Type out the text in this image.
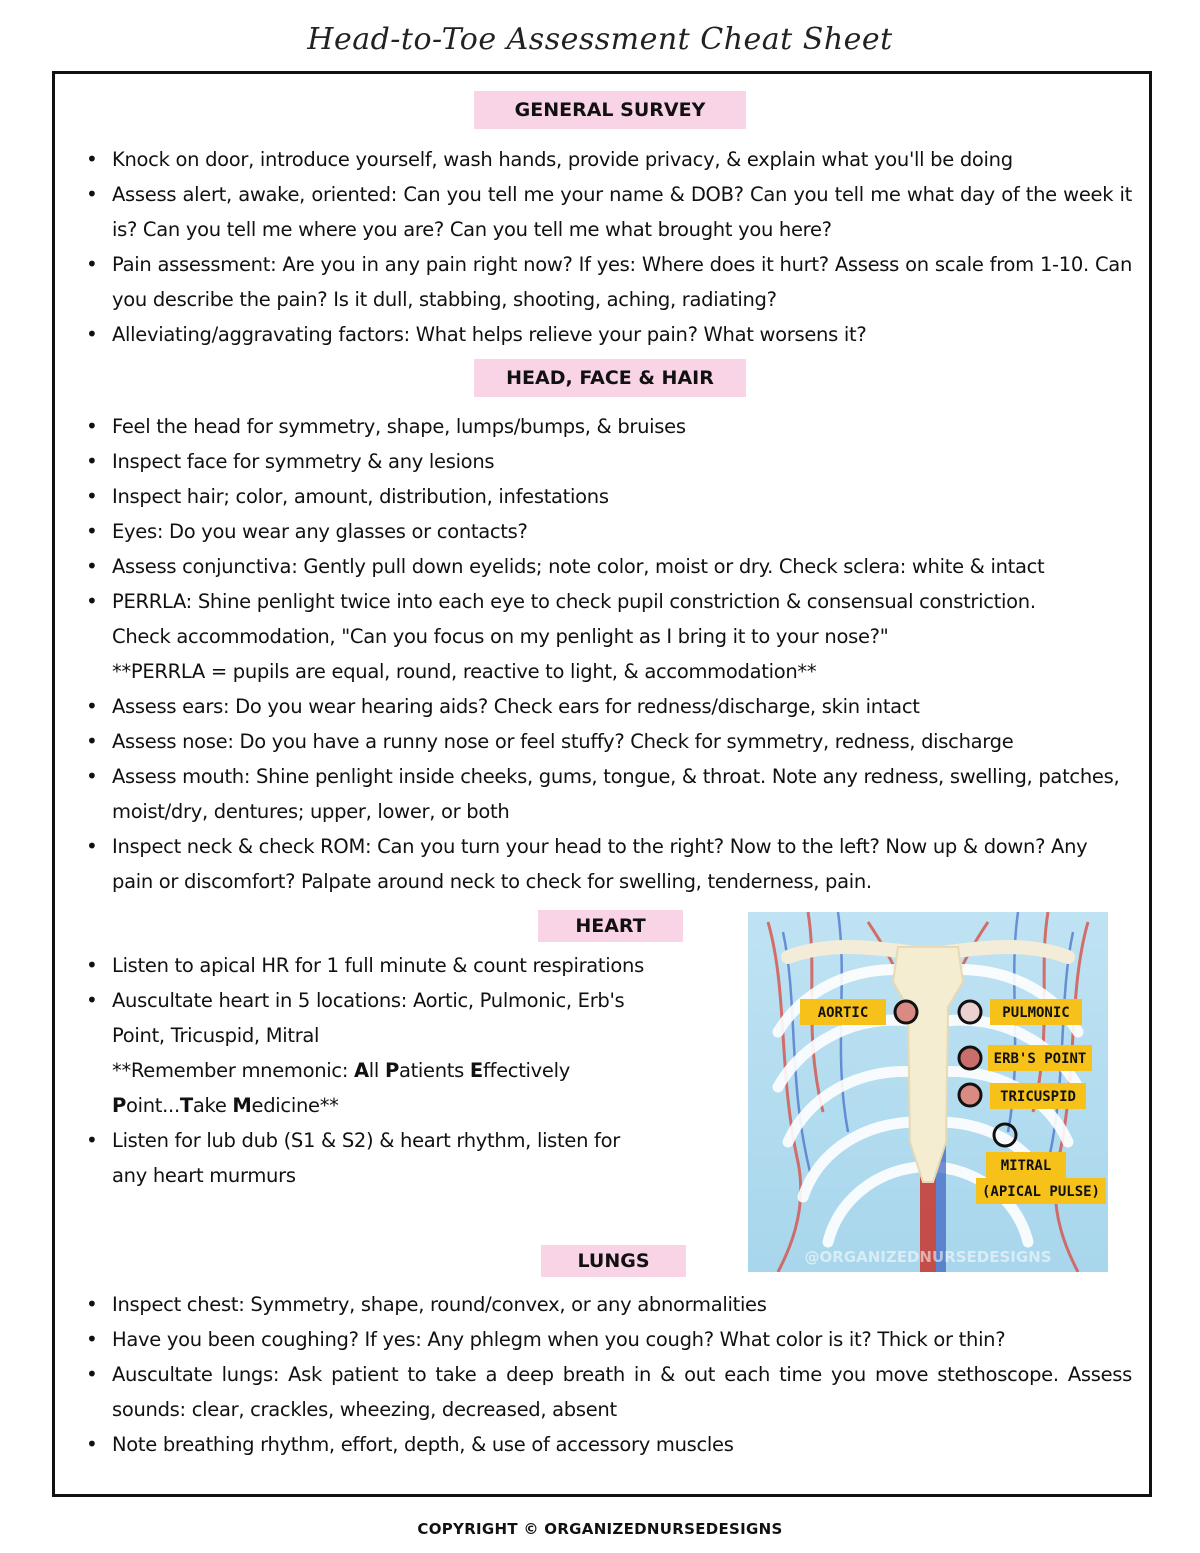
Head-to-Toe Assessment Cheat Sheet
GENERAL SURVEY
• Knock on door, introduce yourself, wash hands, provide privacy, & explain what you'll be doing
• Assess alert, awake, oriented: Can you tell me your name & DOB? Can you tell me what day of the week it is? Can you tell me where you are? Can you tell me what brought you here?
• Pain assessment: Are you in any pain right now? If yes: Where does it hurt? Assess on scale from 1-10. Can you describe the pain? Is it dull, stabbing, shooting, aching, radiating?
• Alleviating/aggravating factors: What helps relieve your pain? What worsens it?
HEAD, FACE & HAIR
• Feel the head for symmetry, shape, lumps/bumps, & bruises
• Inspect face for symmetry & any lesions
• Inspect hair; color, amount, distribution, infestations
• Eyes: Do you wear any glasses or contacts?
• Assess conjunctiva: Gently pull down eyelids; note color, moist or dry. Check sclera: white & intact
• PERRLA: Shine penlight twice into each eye to check pupil constriction & consensual constriction.
Check accommodation, "Can you focus on my penlight as I bring it to your nose?"
**PERRLA = pupils are equal, round, reactive to light, & accommodation**
• Assess ears: Do you wear hearing aids? Check ears for redness/discharge, skin intact
• Assess nose: Do you have a runny nose or feel stuffy? Check for symmetry, redness, discharge
• Assess mouth: Shine penlight inside cheeks, gums, tongue, & throat. Note any redness, swelling, patches, moist/dry, dentures; upper, lower, or both
• Inspect neck & check ROM: Can you turn your head to the right? Now to the left? Now up & down? Any pain or discomfort? Palpate around neck to check for swelling, tenderness, pain.
HEART
• Listen to apical HR for 1 full minute & count respirations
• Auscultate heart in 5 locations: Aortic, Pulmonic, Erb's Point, Tricuspid, Mitral
**Remember mnemonic: All Patients Effectively Point...Take Medicine**
• Listen for lub dub (S1 & S2) & heart rhythm, listen for any heart murmurs
AORTIC	PULMONIC
ERB'S POINT
TRICUSPID
MITRAL
(APICAL PULSE)
@ORGANIZEDNURSEDESIGNS
LUNGS
• Inspect chest: Symmetry, shape, round/convex, or any abnormalities
• Have you been coughing? If yes: Any phlegm when you cough? What color is it? Thick or thin?
• Auscultate lungs: Ask patient to take a deep breath in & out each time you move stethoscope. Assess sounds: clear, crackles, wheezing, decreased, absent
• Note breathing rhythm, effort, depth, & use of accessory muscles
COPYRIGHT © ORGANIZEDNURSEDESIGNS
